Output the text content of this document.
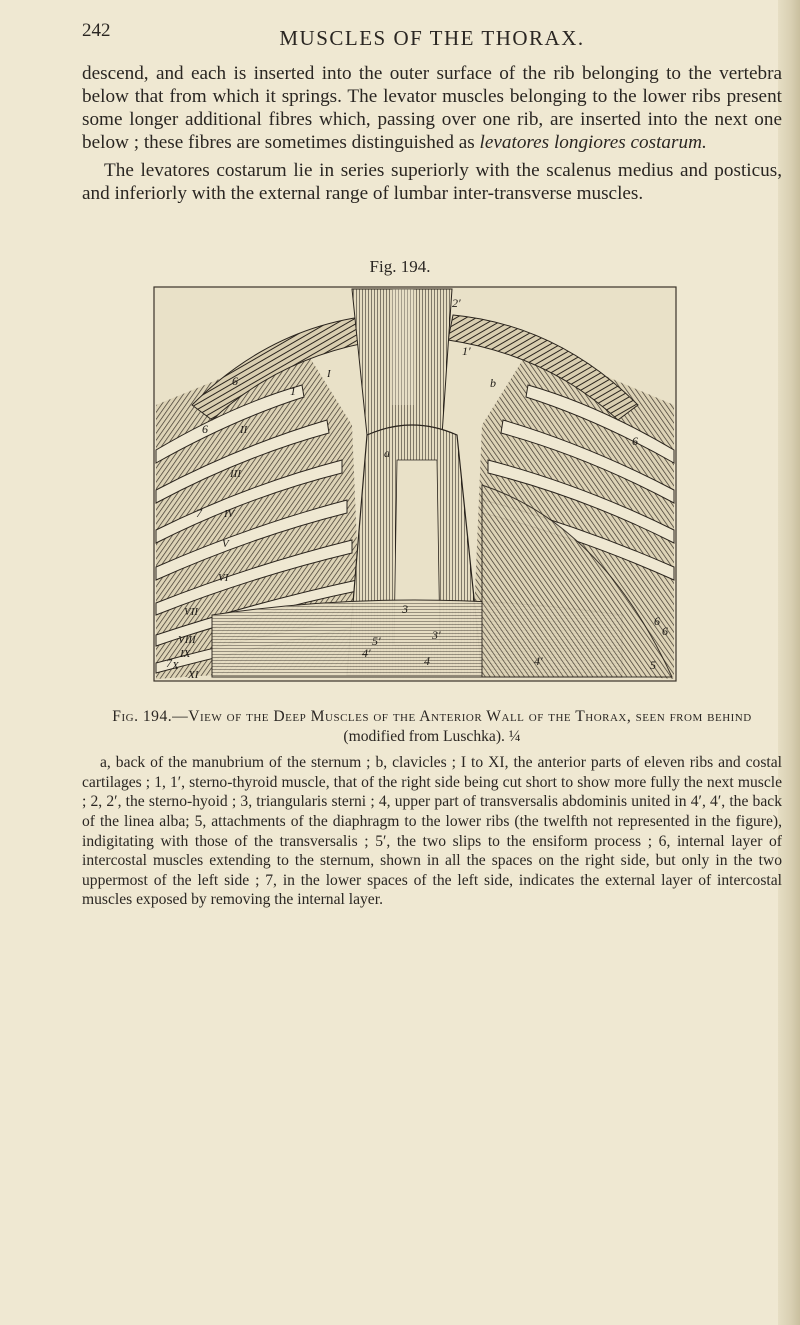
242	MUSCLES OF THE THORAX.

descend, and each is inserted into the outer surface of the rib belonging to the vertebra below that from which it springs. The levator muscles belonging to the lower ribs present some longer additional fibres which, passing over one rib, are inserted into the next one below ; these fibres are sometimes distinguished as levatores longiores costarum.

The levatores costarum lie in series superiorly with the scalenus medius and posticus, and inferiorly with the external range of lumbar inter-transverse muscles.

Fig. 194.
2′
1
1′
b
a
6
6
6
6
6
7
7
5′
3
3′
4
4′
4′	5
I
II
III
IV
V
VI
VII
VIII
IX
X
XI

Fig. 194.—View of the Deep Muscles of the Anterior Wall of the Thorax, seen from behind

(modified from Luschka). ¼

a, back of the manubrium of the sternum ; b, clavicles ; I to XI, the anterior parts of eleven ribs and costal cartilages ; 1, 1′, sterno-thyroid muscle, that of the right side being cut short to show more fully the next muscle ; 2, 2′, the sterno-hyoid ; 3, triangularis sterni ; 4, upper part of transversalis abdominis united in 4′, 4′, the back of the linea alba; 5, attachments of the diaphragm to the lower ribs (the twelfth not represented in the figure), indigitating with those of the transversalis ; 5′, the two slips to the ensiform process ; 6, internal layer of intercostal muscles extending to the sternum, shown in all the spaces on the right side, but only in the two uppermost of the left side ; 7, in the lower spaces of the left side, indicates the external layer of intercostal muscles exposed by removing the internal layer.
